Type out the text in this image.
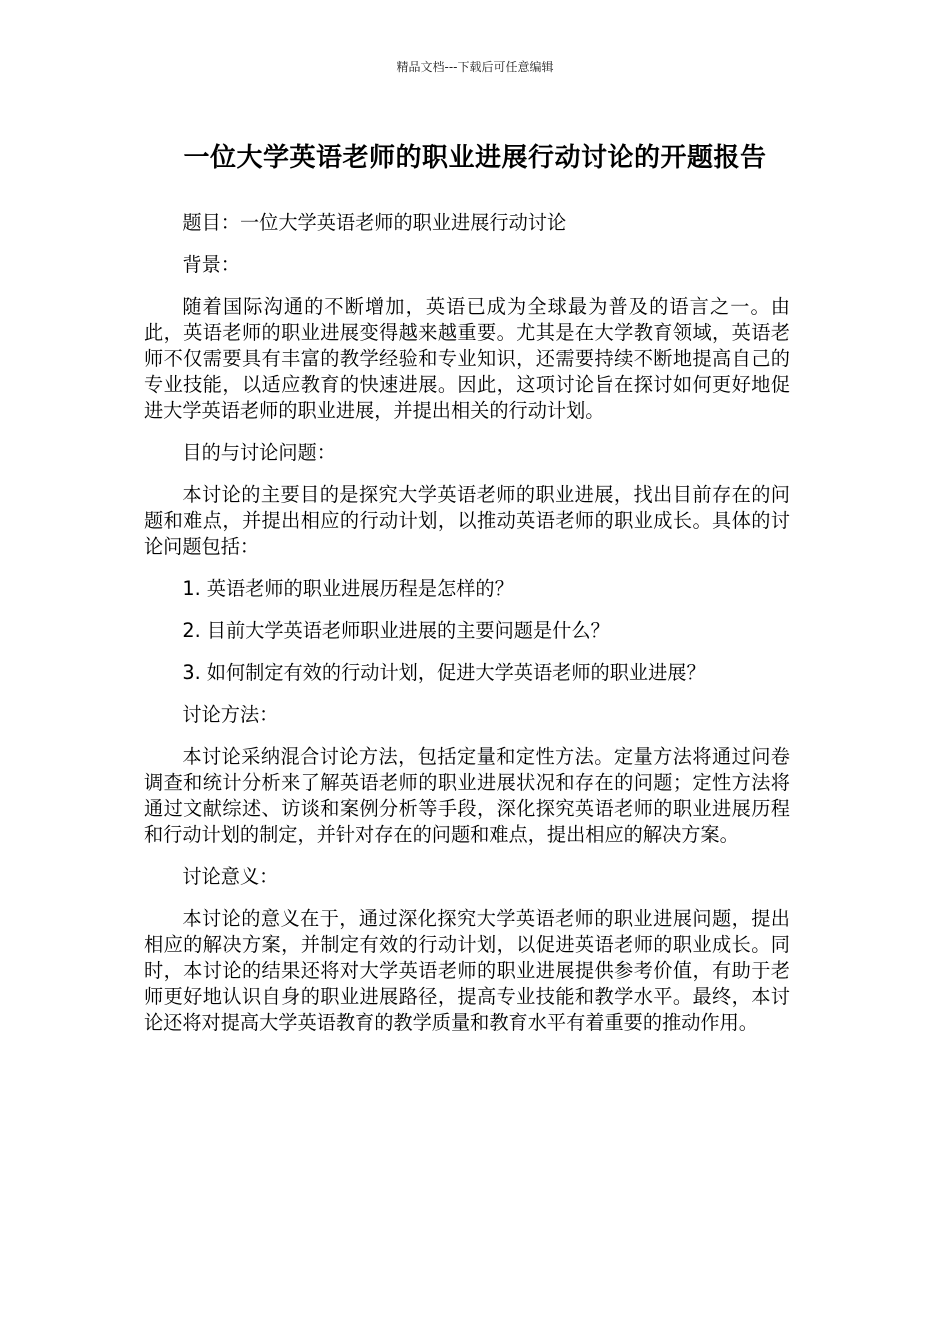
精品文档---下载后可任意编辑
一位大学英语老师的职业进展行动讨论的开题报告

题目：一位大学英语老师的职业进展行动讨论

背景：

随着国际沟通的不断增加，英语已成为全球最为普及的语言之一。由此，英语老师的职业进展变得越来越重要。尤其是在大学教育领域，英语老师不仅需要具有丰富的教学经验和专业知识，还需要持续不断地提高自己的专业技能，以适应教育的快速进展。因此，这项讨论旨在探讨如何更好地促进大学英语老师的职业进展，并提出相关的行动计划。

目的与讨论问题：

本讨论的主要目的是探究大学英语老师的职业进展，找出目前存在的问题和难点，并提出相应的行动计划，以推动英语老师的职业成长。具体的讨论问题包括：

1. 英语老师的职业进展历程是怎样的？

2. 目前大学英语老师职业进展的主要问题是什么？

3. 如何制定有效的行动计划，促进大学英语老师的职业进展？

讨论方法：

本讨论采纳混合讨论方法，包括定量和定性方法。定量方法将通过问卷调查和统计分析来了解英语老师的职业进展状况和存在的问题；定性方法将通过文献综述、访谈和案例分析等手段，深化探究英语老师的职业进展历程和行动计划的制定，并针对存在的问题和难点，提出相应的解决方案。

讨论意义：

本讨论的意义在于，通过深化探究大学英语老师的职业进展问题，提出相应的解决方案，并制定有效的行动计划，以促进英语老师的职业成长。同时，本讨论的结果还将对大学英语老师的职业进展提供参考价值，有助于老师更好地认识自身的职业进展路径，提高专业技能和教学水平。最终，本讨论还将对提高大学英语教育的教学质量和教育水平有着重要的推动作用。
